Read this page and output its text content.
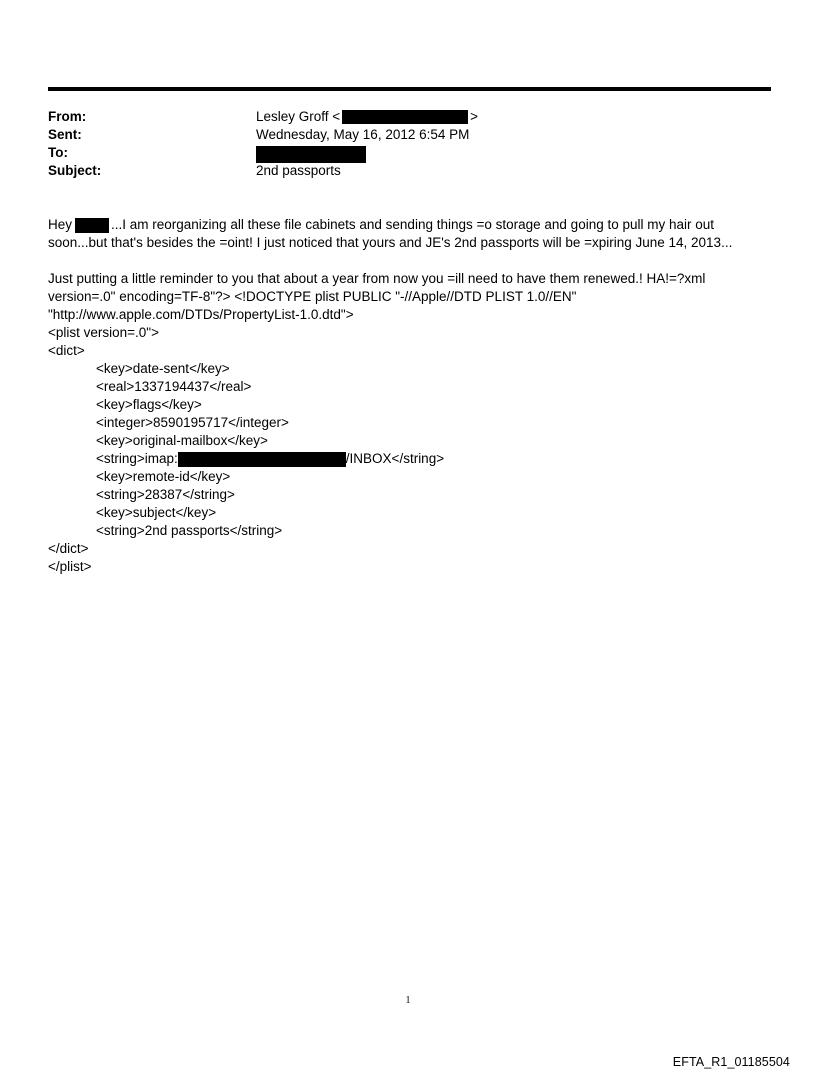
From:	Lesley Groff <	>
Sent:	Wednesday, May 16, 2012 6:54 PM
To:
Subject:	2nd passports

Hey	...I am reorganizing all these file cabinets and sending things =o storage and going to pull my hair out

soon...but that's besides the =oint! I just noticed that yours and JE's 2nd passports will be =xpiring June 14, 2013...

Just putting a little reminder to you that about a year from now you =ill need to have them renewed.! HA!=?xml

version=.0" encoding=TF-8"?> <!DOCTYPE plist PUBLIC "-//Apple//DTD PLIST 1.0//EN"

"http://www.apple.com/DTDs/PropertyList-1.0.dtd">

<plist version=.0">

<dict>

<key>date-sent</key>

<real>1337194437</real>

<key>flags</key>

<integer>8590195717</integer>

<key>original-mailbox</key>

<string>imap:	/INBOX</string>

<key>remote-id</key>

<string>28387</string>

<key>subject</key>

<string>2nd passports</string>

</dict>

</plist>

1
EFTA_R1_01185504
